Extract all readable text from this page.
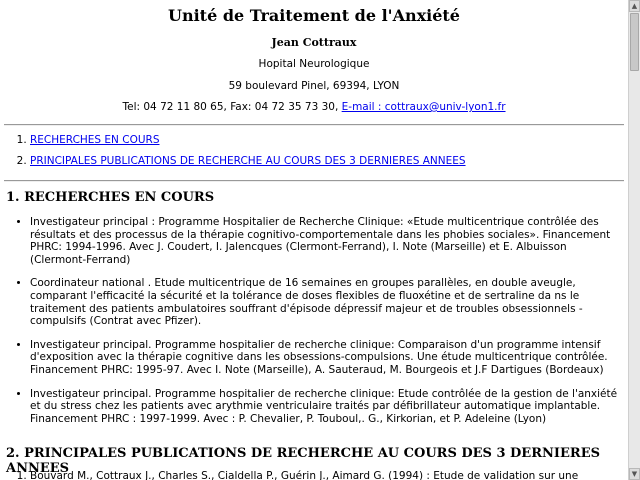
Unité de Traitement de l'Anxiété
Jean Cottraux
Hopital Neurologique
59 boulevard Pinel, 69394, LYON
Tel: 04 72 11 80 65, Fax: 04 72 35 73 30, E-mail : cottraux@univ-lyon1.fr
1. RECHERCHES EN COURS
2. PRINCIPALES PUBLICATIONS DE RECHERCHE AU COURS DES 3 DERNIERES ANNEES
1. RECHERCHES EN COURS
• Investigateur principal : Programme Hospitalier de Recherche Clinique: «Etude multicentrique contrôlée des résultats et des processus de la thérapie cognitivo-comportementale dans les phobies sociales». Financement PHRC: 1994-1996. Avec J. Coudert, I. Jalencques (Clermont-Ferrand), I. Note (Marseille) et E. Albuisson (Clermont-Ferrand)
• Coordinateur national . Etude multicentrique de 16 semaines en groupes parallèles, en double aveugle, comparant l'efficacité la sécurité et la tolérance de doses flexibles de fluoxétine et de sertraline da ns le traitement des patients ambulatoires souffrant d'épisode dépressif majeur et de troubles obsessionnels -compulsifs (Contrat avec Pfizer).
• Investigateur principal. Programme hospitalier de recherche clinique: Comparaison d'un programme intensif d'exposition avec la thérapie cognitive dans les obsessions-compulsions. Une étude multicentrique contrôlée. Financement PHRC: 1995-97. Avec I. Note (Marseille), A. Sauteraud, M. Bourgeois et J.F Dartigues (Bordeaux)
• Investigateur principal. Programme hospitalier de recherche clinique: Etude contrôlée de la gestion de l'anxiété et du stress chez les patients avec arythmie ventriculaire traités par défibrillateur automatique implantable. Financement PHRC : 1997-1999. Avec : P. Chevalier, P. Touboul,. G., Kirkorian, et P. Adeleine (Lyon)
2. PRINCIPALES PUBLICATIONS DE RECHERCHE AU COURS DES 3 DERNIERES ANNEES
1. Bouvard M., Cottraux J., Charles S., Cialdella P., Guérin J., Aimard G. (1994) : Etude de validation sur une
▲
▼
